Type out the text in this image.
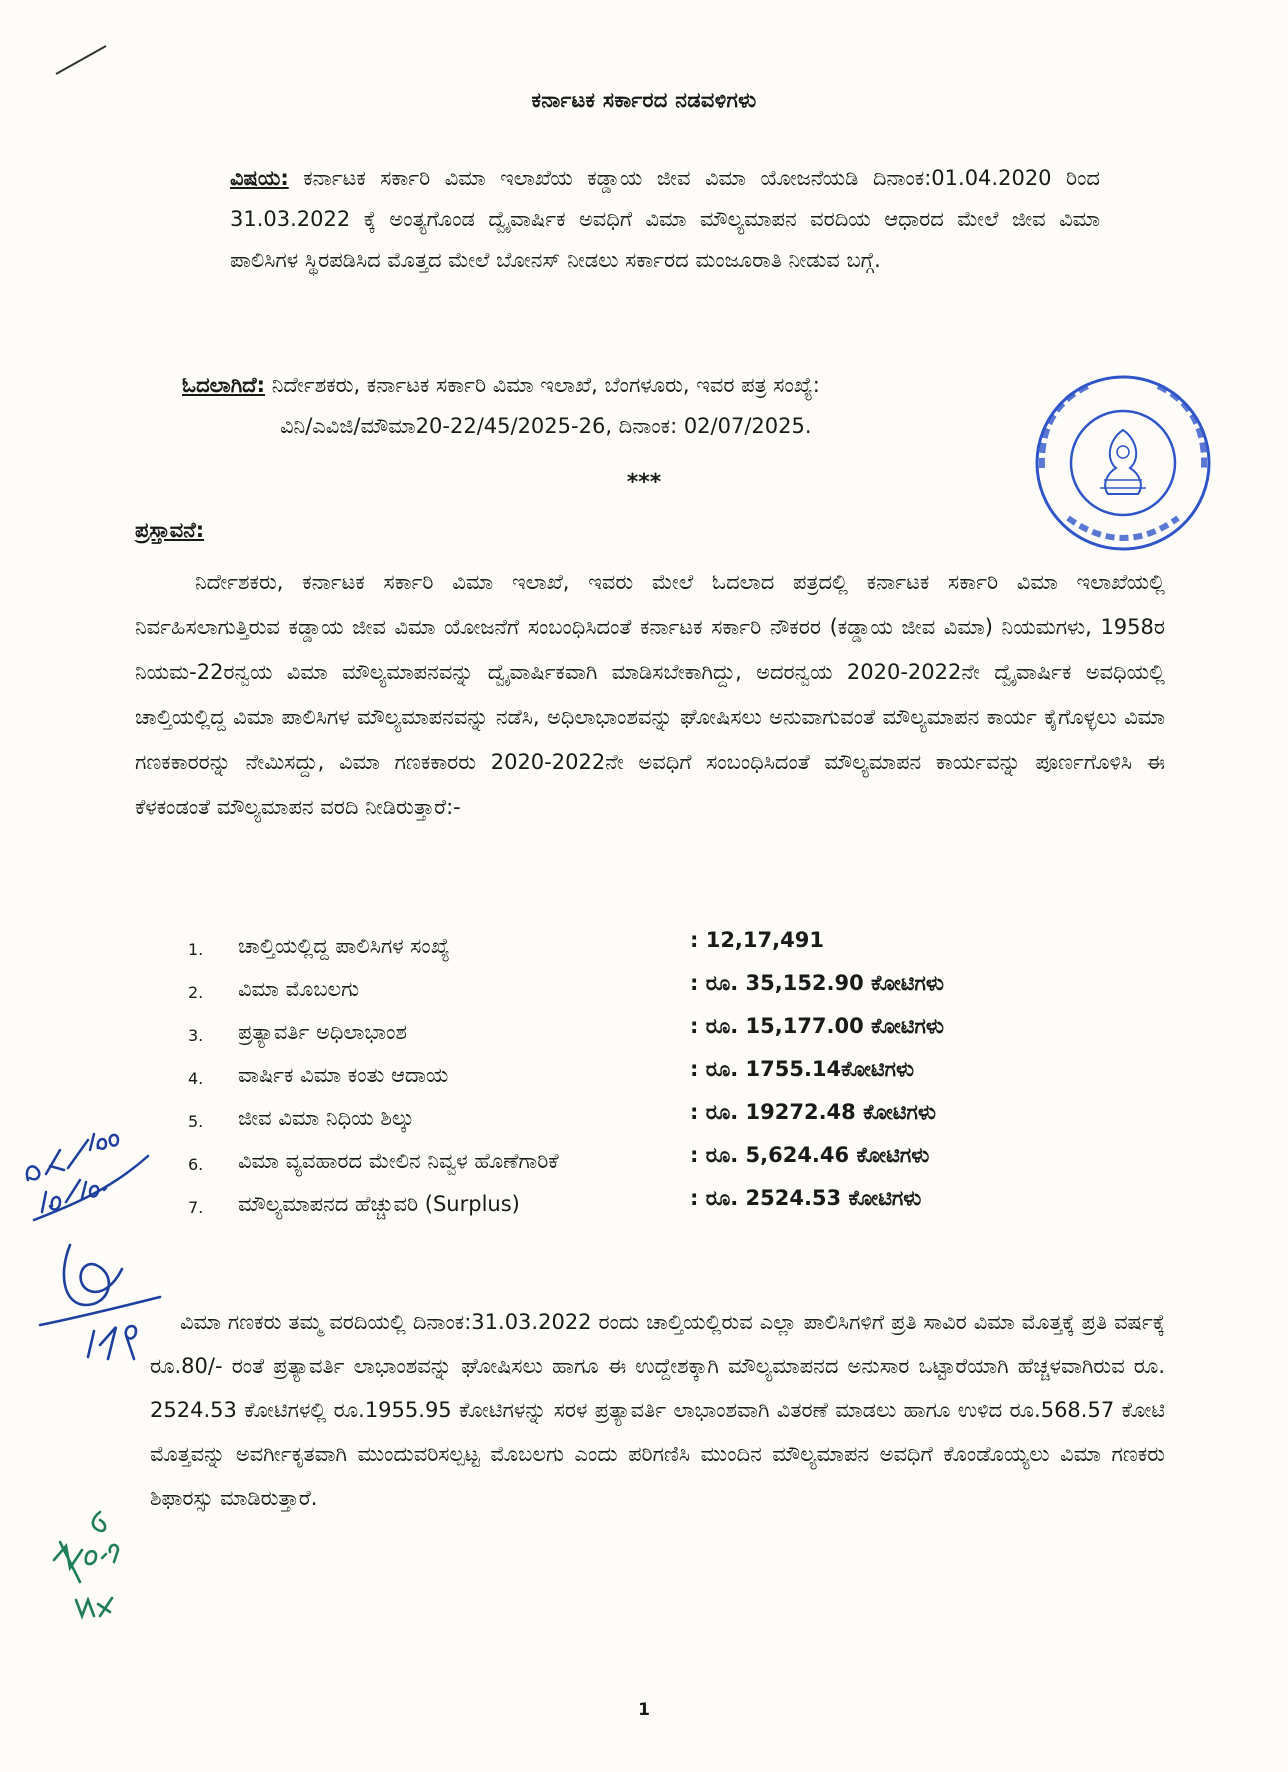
ಕರ್ನಾಟಕ ಸರ್ಕಾರದ ನಡವಳಿಗಳು
ವಿಷಯ: ಕರ್ನಾಟಕ ಸರ್ಕಾರಿ ವಿಮಾ ಇಲಾಖೆಯ ಕಡ್ಡಾಯ ಜೀವ ವಿಮಾ ಯೋಜನೆಯಡಿ ದಿನಾಂಕ:01.04.2020 ರಿಂದ 31.03.2022 ಕ್ಕೆ ಅಂತ್ಯಗೊಂಡ ದ್ವೈವಾರ್ಷಿಕ ಅವಧಿಗೆ ವಿಮಾ ಮೌಲ್ಯಮಾಪನ ವರದಿಯ ಆಧಾರದ ಮೇಲೆ ಜೀವ ವಿಮಾ ಪಾಲಿಸಿಗಳ ಸ್ಥಿರಪಡಿಸಿದ ಮೊತ್ತದ ಮೇಲೆ ಬೋನಸ್ ನೀಡಲು ಸರ್ಕಾರದ ಮಂಜೂರಾತಿ ನೀಡುವ ಬಗ್ಗೆ.
ಓದಲಾಗಿದೆ: ನಿರ್ದೇಶಕರು, ಕರ್ನಾಟಕ ಸರ್ಕಾರಿ ವಿಮಾ ಇಲಾಖೆ, ಬೆಂಗಳೂರು, ಇವರ ಪತ್ರ ಸಂಖ್ಯೆ:
ವಿನಿ/ಎವಿಜಿ/ಮೌಮಾ20-22/45/2025-26, ದಿನಾಂಕ: 02/07/2025.
***
ಪ್ರಸ್ತಾವನೆ:
ನಿರ್ದೇಶಕರು, ಕರ್ನಾಟಕ ಸರ್ಕಾರಿ ವಿಮಾ ಇಲಾಖೆ, ಇವರು ಮೇಲೆ ಓದಲಾದ ಪತ್ರದಲ್ಲಿ ಕರ್ನಾಟಕ ಸರ್ಕಾರಿ ವಿಮಾ ಇಲಾಖೆಯಲ್ಲಿ ನಿರ್ವಹಿಸಲಾಗುತ್ತಿರುವ ಕಡ್ಡಾಯ ಜೀವ ವಿಮಾ ಯೋಜನೆಗೆ ಸಂಬಂಧಿಸಿದಂತೆ ಕರ್ನಾಟಕ ಸರ್ಕಾರಿ ನೌಕರರ (ಕಡ್ಡಾಯ ಜೀವ ವಿಮಾ) ನಿಯಮಗಳು, 1958ರ ನಿಯಮ-22ರನ್ವಯ ವಿಮಾ ಮೌಲ್ಯಮಾಪನವನ್ನು ದ್ವೈವಾರ್ಷಿಕವಾಗಿ ಮಾಡಿಸಬೇಕಾಗಿದ್ದು, ಅದರನ್ವಯ 2020-2022ನೇ ದ್ವೈವಾರ್ಷಿಕ ಅವಧಿಯಲ್ಲಿ ಚಾಲ್ತಿಯಲ್ಲಿದ್ದ ವಿಮಾ ಪಾಲಿಸಿಗಳ ಮೌಲ್ಯಮಾಪನವನ್ನು ನಡೆಸಿ, ಅಧಿಲಾಭಾಂಶವನ್ನು ಘೋಷಿಸಲು ಅನುವಾಗುವಂತೆ ಮೌಲ್ಯಮಾಪನ ಕಾರ್ಯ ಕೈಗೊಳ್ಳಲು ವಿಮಾ ಗಣಕಕಾರರನ್ನು ನೇಮಿಸದ್ದು, ವಿಮಾ ಗಣಕಕಾರರು 2020-2022ನೇ ಅವಧಿಗೆ ಸಂಬಂಧಿಸಿದಂತೆ ಮೌಲ್ಯಮಾಪನ ಕಾರ್ಯವನ್ನು ಪೂರ್ಣಗೊಳಿಸಿ ಈ ಕೆಳಕಂಡಂತೆ ಮೌಲ್ಯಮಾಪನ ವರದಿ ನೀಡಿರುತ್ತಾರೆ:-
1. ಚಾಲ್ತಿಯಲ್ಲಿದ್ದ ಪಾಲಿಸಿಗಳ ಸಂಖ್ಯೆ	: 12,17,491
2. ವಿಮಾ ಮೊಬಲಗು	: ರೂ. 35,152.90 ಕೋಟಿಗಳು
3. ಪ್ರತ್ಯಾವರ್ತಿ ಅಧಿಲಾಭಾಂಶ	: ರೂ. 15,177.00 ಕೋಟಿಗಳು
4. ವಾರ್ಷಿಕ ವಿಮಾ ಕಂತು ಆದಾಯ	: ರೂ. 1755.14ಕೋಟಿಗಳು
5. ಜೀವ ವಿಮಾ ನಿಧಿಯ ಶಿಲ್ಕು	: ರೂ. 19272.48 ಕೋಟಿಗಳು
6. ವಿಮಾ ವ್ಯವಹಾರದ ಮೇಲಿನ ನಿವ್ವಳ ಹೊಣೆಗಾರಿಕೆ	: ರೂ. 5,624.46 ಕೋಟಿಗಳು
7. ಮೌಲ್ಯಮಾಪನದ ಹೆಚ್ಚುವರಿ (Surplus)	: ರೂ. 2524.53 ಕೋಟಿಗಳು
ವಿಮಾ ಗಣಕರು ತಮ್ಮ ವರದಿಯಲ್ಲಿ ದಿನಾಂಕ:31.03.2022 ರಂದು ಚಾಲ್ತಿಯಲ್ಲಿರುವ ಎಲ್ಲಾ ಪಾಲಿಸಿಗಳಿಗೆ ಪ್ರತಿ ಸಾವಿರ ವಿಮಾ ಮೊತ್ತಕ್ಕೆ ಪ್ರತಿ ವರ್ಷಕ್ಕೆ ರೂ.80/- ರಂತೆ ಪ್ರತ್ಯಾವರ್ತಿ ಲಾಭಾಂಶವನ್ನು ಘೋಷಿಸಲು ಹಾಗೂ ಈ ಉದ್ದೇಶಕ್ಕಾಗಿ ಮೌಲ್ಯಮಾಪನದ ಅನುಸಾರ ಒಟ್ಟಾರೆಯಾಗಿ ಹೆಚ್ಚಳವಾಗಿರುವ ರೂ. 2524.53 ಕೋಟಿಗಳಲ್ಲಿ ರೂ.1955.95 ಕೋಟಿಗಳನ್ನು ಸರಳ ಪ್ರತ್ಯಾವರ್ತಿ ಲಾಭಾಂಶವಾಗಿ ವಿತರಣೆ ಮಾಡಲು ಹಾಗೂ ಉಳಿದ ರೂ.568.57 ಕೋಟಿ ಮೊತ್ತವನ್ನು ಅವರ್ಗೀಕೃತವಾಗಿ ಮುಂದುವರಿಸಲ್ಪಟ್ಟ ಮೊಬಲಗು ಎಂದು ಪರಿಗಣಿಸಿ ಮುಂದಿನ ಮೌಲ್ಯಮಾಪನ ಅವಧಿಗೆ ಕೊಂಡೊಯ್ಯಲು ವಿಮಾ ಗಣಕರು ಶಿಫಾರಸ್ಸು ಮಾಡಿರುತ್ತಾರೆ.
1
